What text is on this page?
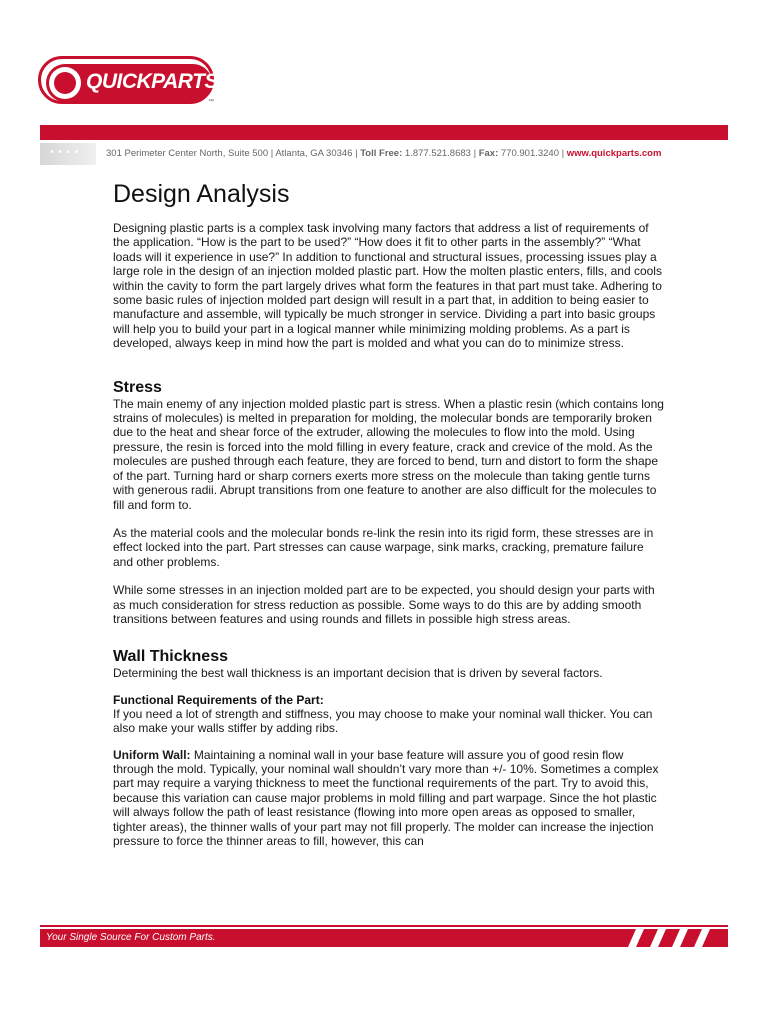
QUICKPARTS
™
• • • •	301 Perimeter Center North, Suite 500 | Atlanta, GA 30346 | Toll Free: 1.877.521.8683 | Fax: 770.901.3240 | www.quickparts.com
Design Analysis

Designing plastic parts is a complex task involving many factors that address a list of requirements of the application. “How is the part to be used?” “How does it fit to other parts in the assembly?” “What loads will it experience in use?” In addition to functional and structural issues, processing issues play a large role in the design of an injection molded plastic part. How the molten plastic enters, fills, and cools within the cavity to form the part largely drives what form the features in that part must take. Adhering to some basic rules of injection molded part design will result in a part that, in addition to being easier to manufacture and assemble, will typically be much stronger in service. Dividing a part into basic groups will help you to build your part in a logical manner while minimizing molding problems. As a part is developed, always keep in mind how the part is molded and what you can do to minimize stress.

Stress

The main enemy of any injection molded plastic part is stress. When a plastic resin (which contains long strains of molecules) is melted in preparation for molding, the molecular bonds are temporarily broken due to the heat and shear force of the extruder, allowing the molecules to flow into the mold. Using pressure, the resin is forced into the mold filling in every feature, crack and crevice of the mold. As the molecules are pushed through each feature, they are forced to bend, turn and distort to form the shape of the part. Turning hard or sharp corners exerts more stress on the molecule than taking gentle turns with generous radii. Abrupt transitions from one feature to another are also difficult for the molecules to fill and form to.

As the material cools and the molecular bonds re-link the resin into its rigid form, these stresses are in effect locked into the part. Part stresses can cause warpage, sink marks, cracking, premature failure and other problems.

While some stresses in an injection molded part are to be expected, you should design your parts with as much consideration for stress reduction as possible. Some ways to do this are by adding smooth transitions between features and using rounds and fillets in possible high stress areas.

Wall Thickness

Determining the best wall thickness is an important decision that is driven by several factors.

Functional Requirements of the Part:

If you need a lot of strength and stiffness, you may choose to make your nominal wall thicker. You can also make your walls stiffer by adding ribs.

Uniform Wall: Maintaining a nominal wall in your base feature will assure you of good resin flow through the mold. Typically, your nominal wall shouldn’t vary more than +/- 10%. Sometimes a complex part may require a varying thickness to meet the functional requirements of the part. Try to avoid this, because this variation can cause major problems in mold filling and part warpage. Since the hot plastic will always follow the path of least resistance (flowing into more open areas as opposed to smaller, tighter areas), the thinner walls of your part may not fill properly. The molder can increase the injection pressure to force the thinner areas to fill, however, this can

Your Single Source For Custom Parts.
